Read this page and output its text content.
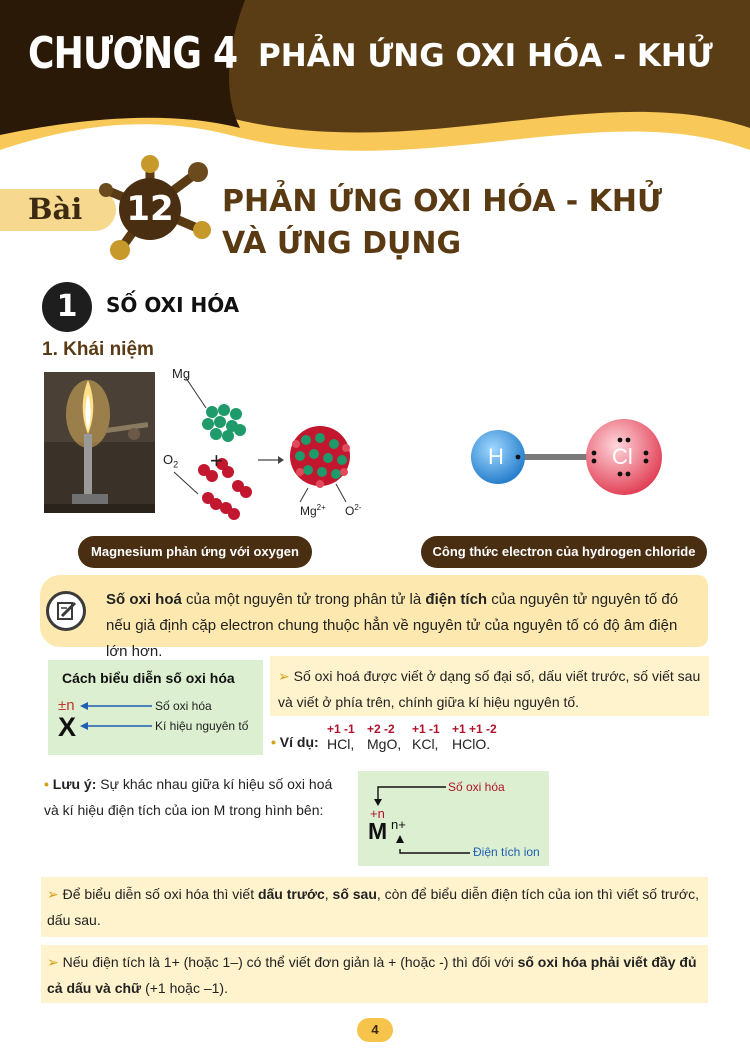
CHƯƠNG 4 PHẢN ỨNG OXI HÓA - KHỬ
Bài 12 PHẢN ỨNG OXI HÓA - KHỬ
VÀ ỨNG DỤNG
1	SỐ OXI HÓA
1. Khái niệm
Mg
$O_2$ +
$Mg^{2+}$ $O^{2-}$
Magnesium phản ứng với oxygen
H	Cl
Công thức electron của hydrogen chloride
Số oxi hoá của một nguyên tử trong phân tử là điện tích của nguyên tử nguyên tố đó nếu giả định cặp electron chung thuộc hẳn về nguyên tử của nguyên tố có độ âm điện lớn hơn.
Cách biểu diễn số oxi hóa
±n
X
Số oxi hóa
Kí hiệu nguyên tố
➢ Số oxi hoá được viết ở dạng số đại số, dấu viết trước, số viết sau và viết ở phía trên, chính giữa kí hiệu nguyên tố.
• Ví dụ:
+1 -1
HCl,
+2 -2
MgO,
+1 -1
KCl,
+1 +1 -2
HClO.
• Lưu ý: Sự khác nhau giữa kí hiệu số oxi hoá và kí hiệu điện tích của ion M trong hình bên:
Số oxi hóa
+n
M n+
Điện tích ion
➢ Để biểu diễn số oxi hóa thì viết dấu trước, số sau, còn để biểu diễn điện tích của ion thì viết số trước, dấu sau.
➢ Nếu điện tích là 1+ (hoặc 1–) có thể viết đơn giản là + (hoặc -) thì đối với số oxi hóa phải viết đầy đủ cả dấu và chữ (+1 hoặc –1).
4
